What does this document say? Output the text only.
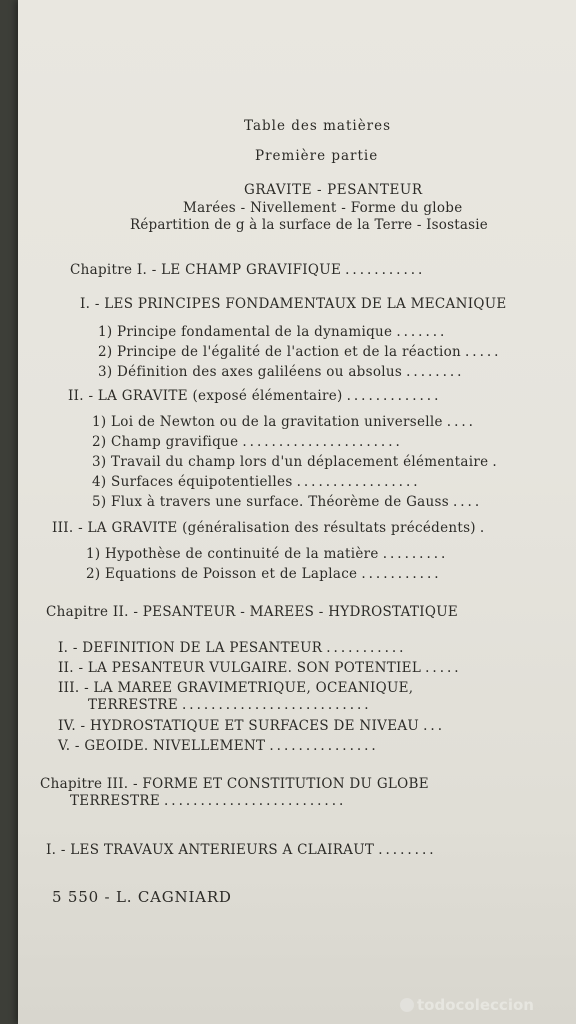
Table des matières
Première partie
GRAVITE - PESANTEUR
Marées - Nivellement - Forme du globe
Répartition de g à la surface de la Terre - Isostasie
Chapitre I. - LE CHAMP GRAVIFIQUE ...........
I. - LES PRINCIPES FONDAMENTAUX DE LA MECANIQUE
1) Principe fondamental de la dynamique .......
2) Principe de l'égalité de l'action et de la réaction .....
3) Définition des axes galiléens ou absolus ........
II. - LA GRAVITE (exposé élémentaire) .............
1) Loi de Newton ou de la gravitation universelle ....
2) Champ gravifique ......................
3) Travail du champ lors d'un déplacement élémentaire .
4) Surfaces équipotentielles .................
5) Flux à travers une surface. Théorème de Gauss ....
III. - LA GRAVITE (généralisation des résultats précédents) .
1) Hypothèse de continuité de la matière .........
2) Equations de Poisson et de Laplace ...........
Chapitre II. - PESANTEUR - MAREES - HYDROSTATIQUE
I. - DEFINITION DE LA PESANTEUR ...........
II. - LA PESANTEUR VULGAIRE. SON POTENTIEL .....
III. - LA MAREE GRAVIMETRIQUE, OCEANIQUE,
TERRESTRE ..........................
IV. - HYDROSTATIQUE ET SURFACES DE NIVEAU ...
V. - GEOIDE. NIVELLEMENT ...............
Chapitre III. - FORME ET CONSTITUTION DU GLOBE
TERRESTRE .........................
I. - LES TRAVAUX ANTERIEURS A CLAIRAUT ........
5 550 - L. CAGNIARD
todocoleccion
